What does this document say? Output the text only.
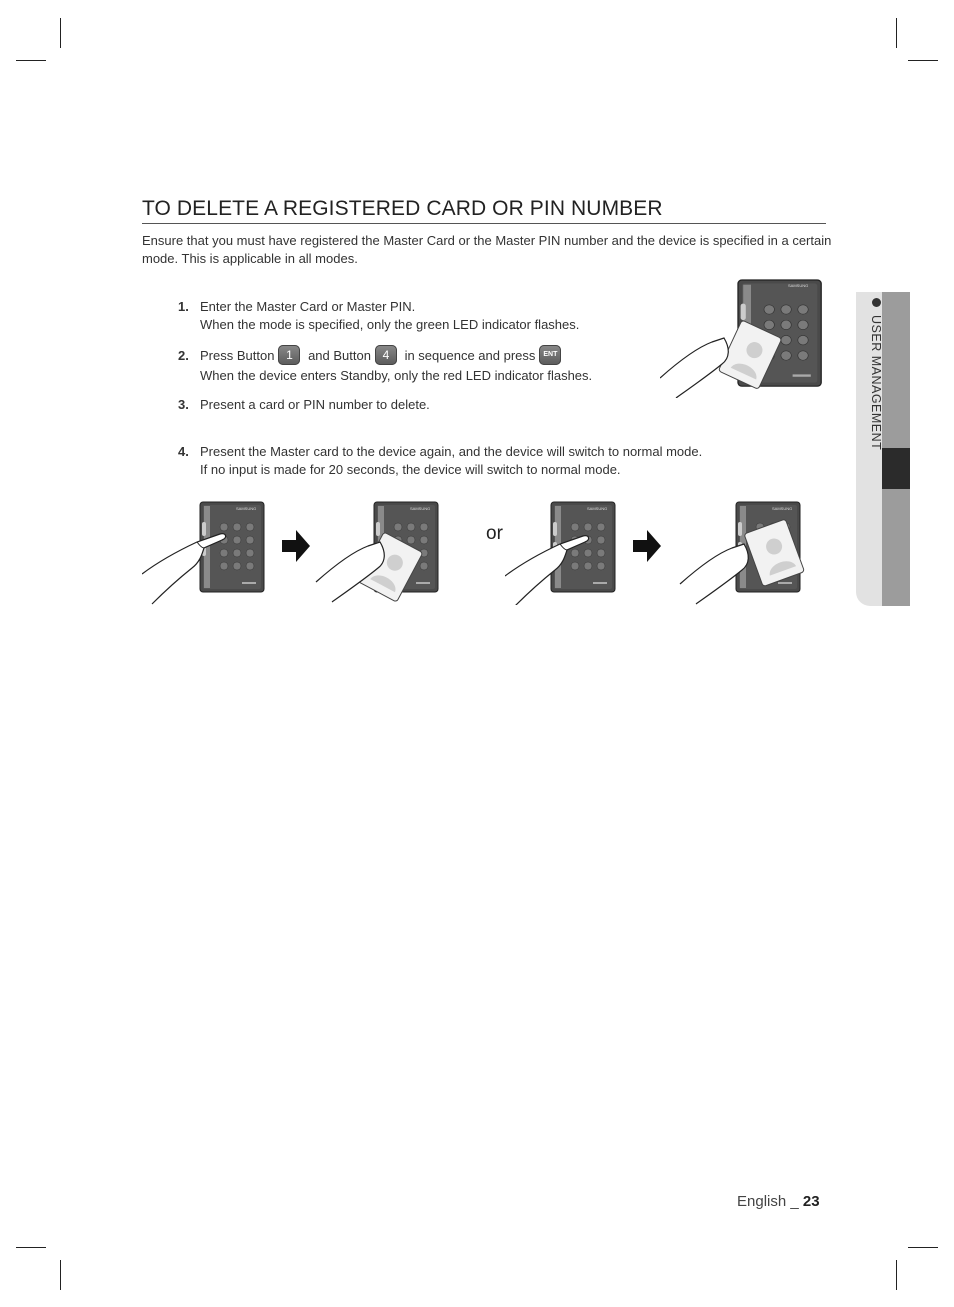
TO DELETE A REGISTERED CARD OR PIN NUMBER
Ensure that you must have registered the Master Card or the Master PIN number and the device is specified in a certain mode. This is applicable in all modes.
1. Enter the Master Card or Master PIN.
When the mode is specified, only the green LED indicator flashes.
2. Press Button 1 and Button 4 in sequence and press ENT
When the device enters Standby, only the red LED indicator flashes.
3. Present a card or PIN number to delete.
4. Present the Master card to the device again, and the device will switch to normal mode.
If no input is made for 20 seconds, the device will switch to normal mode.
SAMSUNG
SAMSUNG	SAMSUNG
or
SAMSUNG	SAMSUNG
USER MANAGEMENT
English _ 23
